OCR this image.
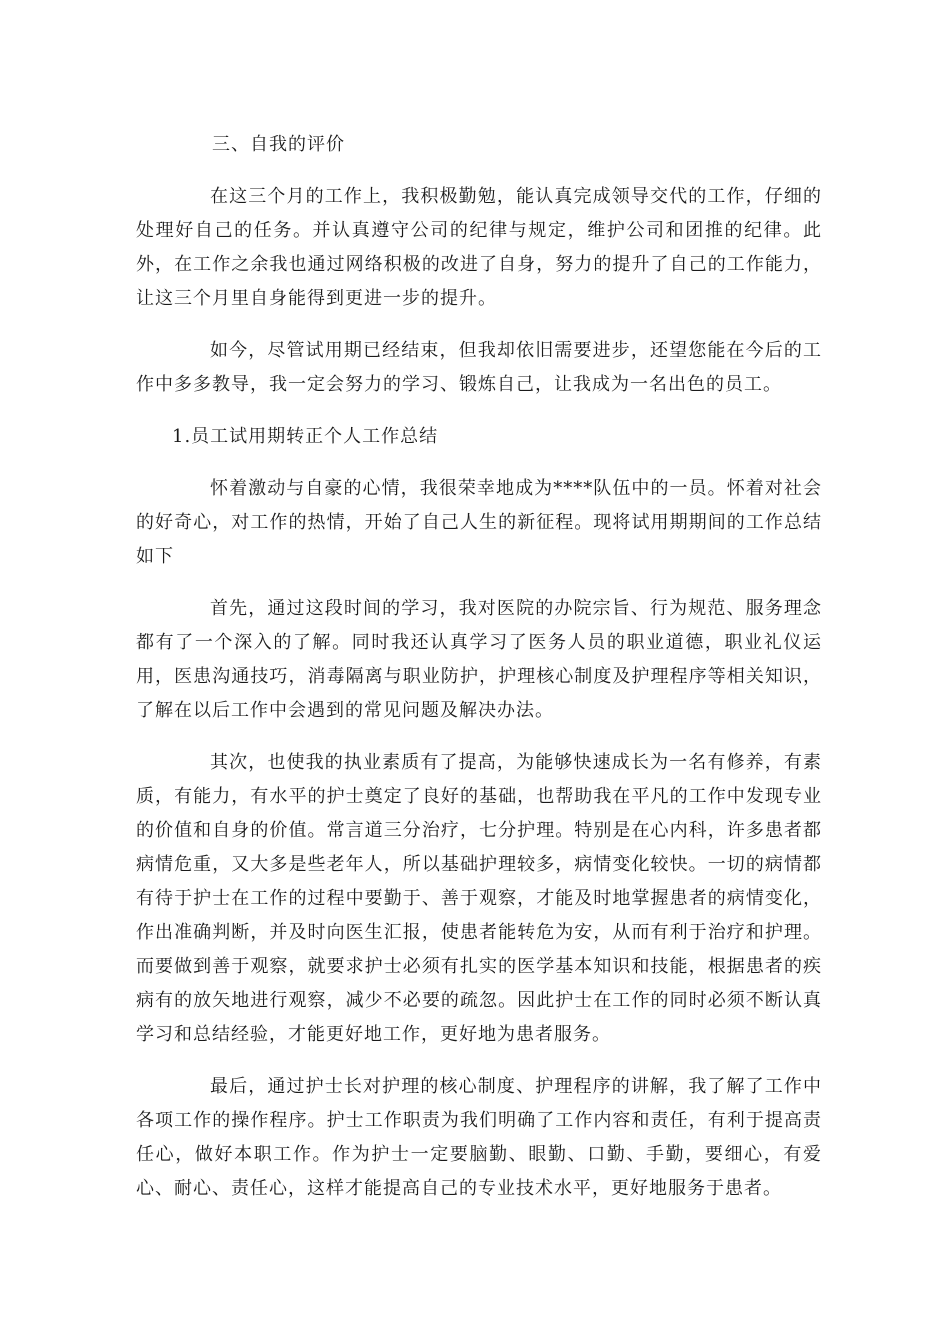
三、自我的评价

在这三个月的工作上，我积极勤勉，能认真完成领导交代的工作，仔细的处理好自己的任务。并认真遵守公司的纪律与规定，维护公司和团推的纪律。此外，在工作之余我也通过网络积极的改进了自身，努力的提升了自己的工作能力，让这三个月里自身能得到更进一步的提升。

如今，尽管试用期已经结束，但我却依旧需要进步，还望您能在今后的工作中多多教导，我一定会努力的学习、锻炼自己，让我成为一名出色的员工。

1.员工试用期转正个人工作总结

怀着激动与自豪的心情，我很荣幸地成为****队伍中的一员。怀着对社会的好奇心，对工作的热情，开始了自己人生的新征程。现将试用期期间的工作总结如下

首先，通过这段时间的学习，我对医院的办院宗旨、行为规范、服务理念都有了一个深入的了解。同时我还认真学习了医务人员的职业道德，职业礼仪运用，医患沟通技巧，消毒隔离与职业防护，护理核心制度及护理程序等相关知识，了解在以后工作中会遇到的常见问题及解决办法。

其次，也使我的执业素质有了提高，为能够快速成长为一名有修养，有素质，有能力，有水平的护士奠定了良好的基础，也帮助我在平凡的工作中发现专业的价值和自身的价值。常言道三分治疗，七分护理。特别是在心内科，许多患者都病情危重，又大多是些老年人，所以基础护理较多，病情变化较快。一切的病情都有待于护士在工作的过程中要勤于、善于观察，才能及时地掌握患者的病情变化，作出准确判断，并及时向医生汇报，使患者能转危为安，从而有利于治疗和护理。而要做到善于观察，就要求护士必须有扎实的医学基本知识和技能，根据患者的疾病有的放矢地进行观察，减少不必要的疏忽。因此护士在工作的同时必须不断认真学习和总结经验，才能更好地工作，更好地为患者服务。

最后，通过护士长对护理的核心制度、护理程序的讲解，我了解了工作中各项工作的操作程序。护士工作职责为我们明确了工作内容和责任，有利于提高责任心，做好本职工作。作为护士一定要脑勤、眼勤、口勤、手勤，要细心，有爱心、耐心、责任心，这样才能提高自己的专业技术水平，更好地服务于患者。
